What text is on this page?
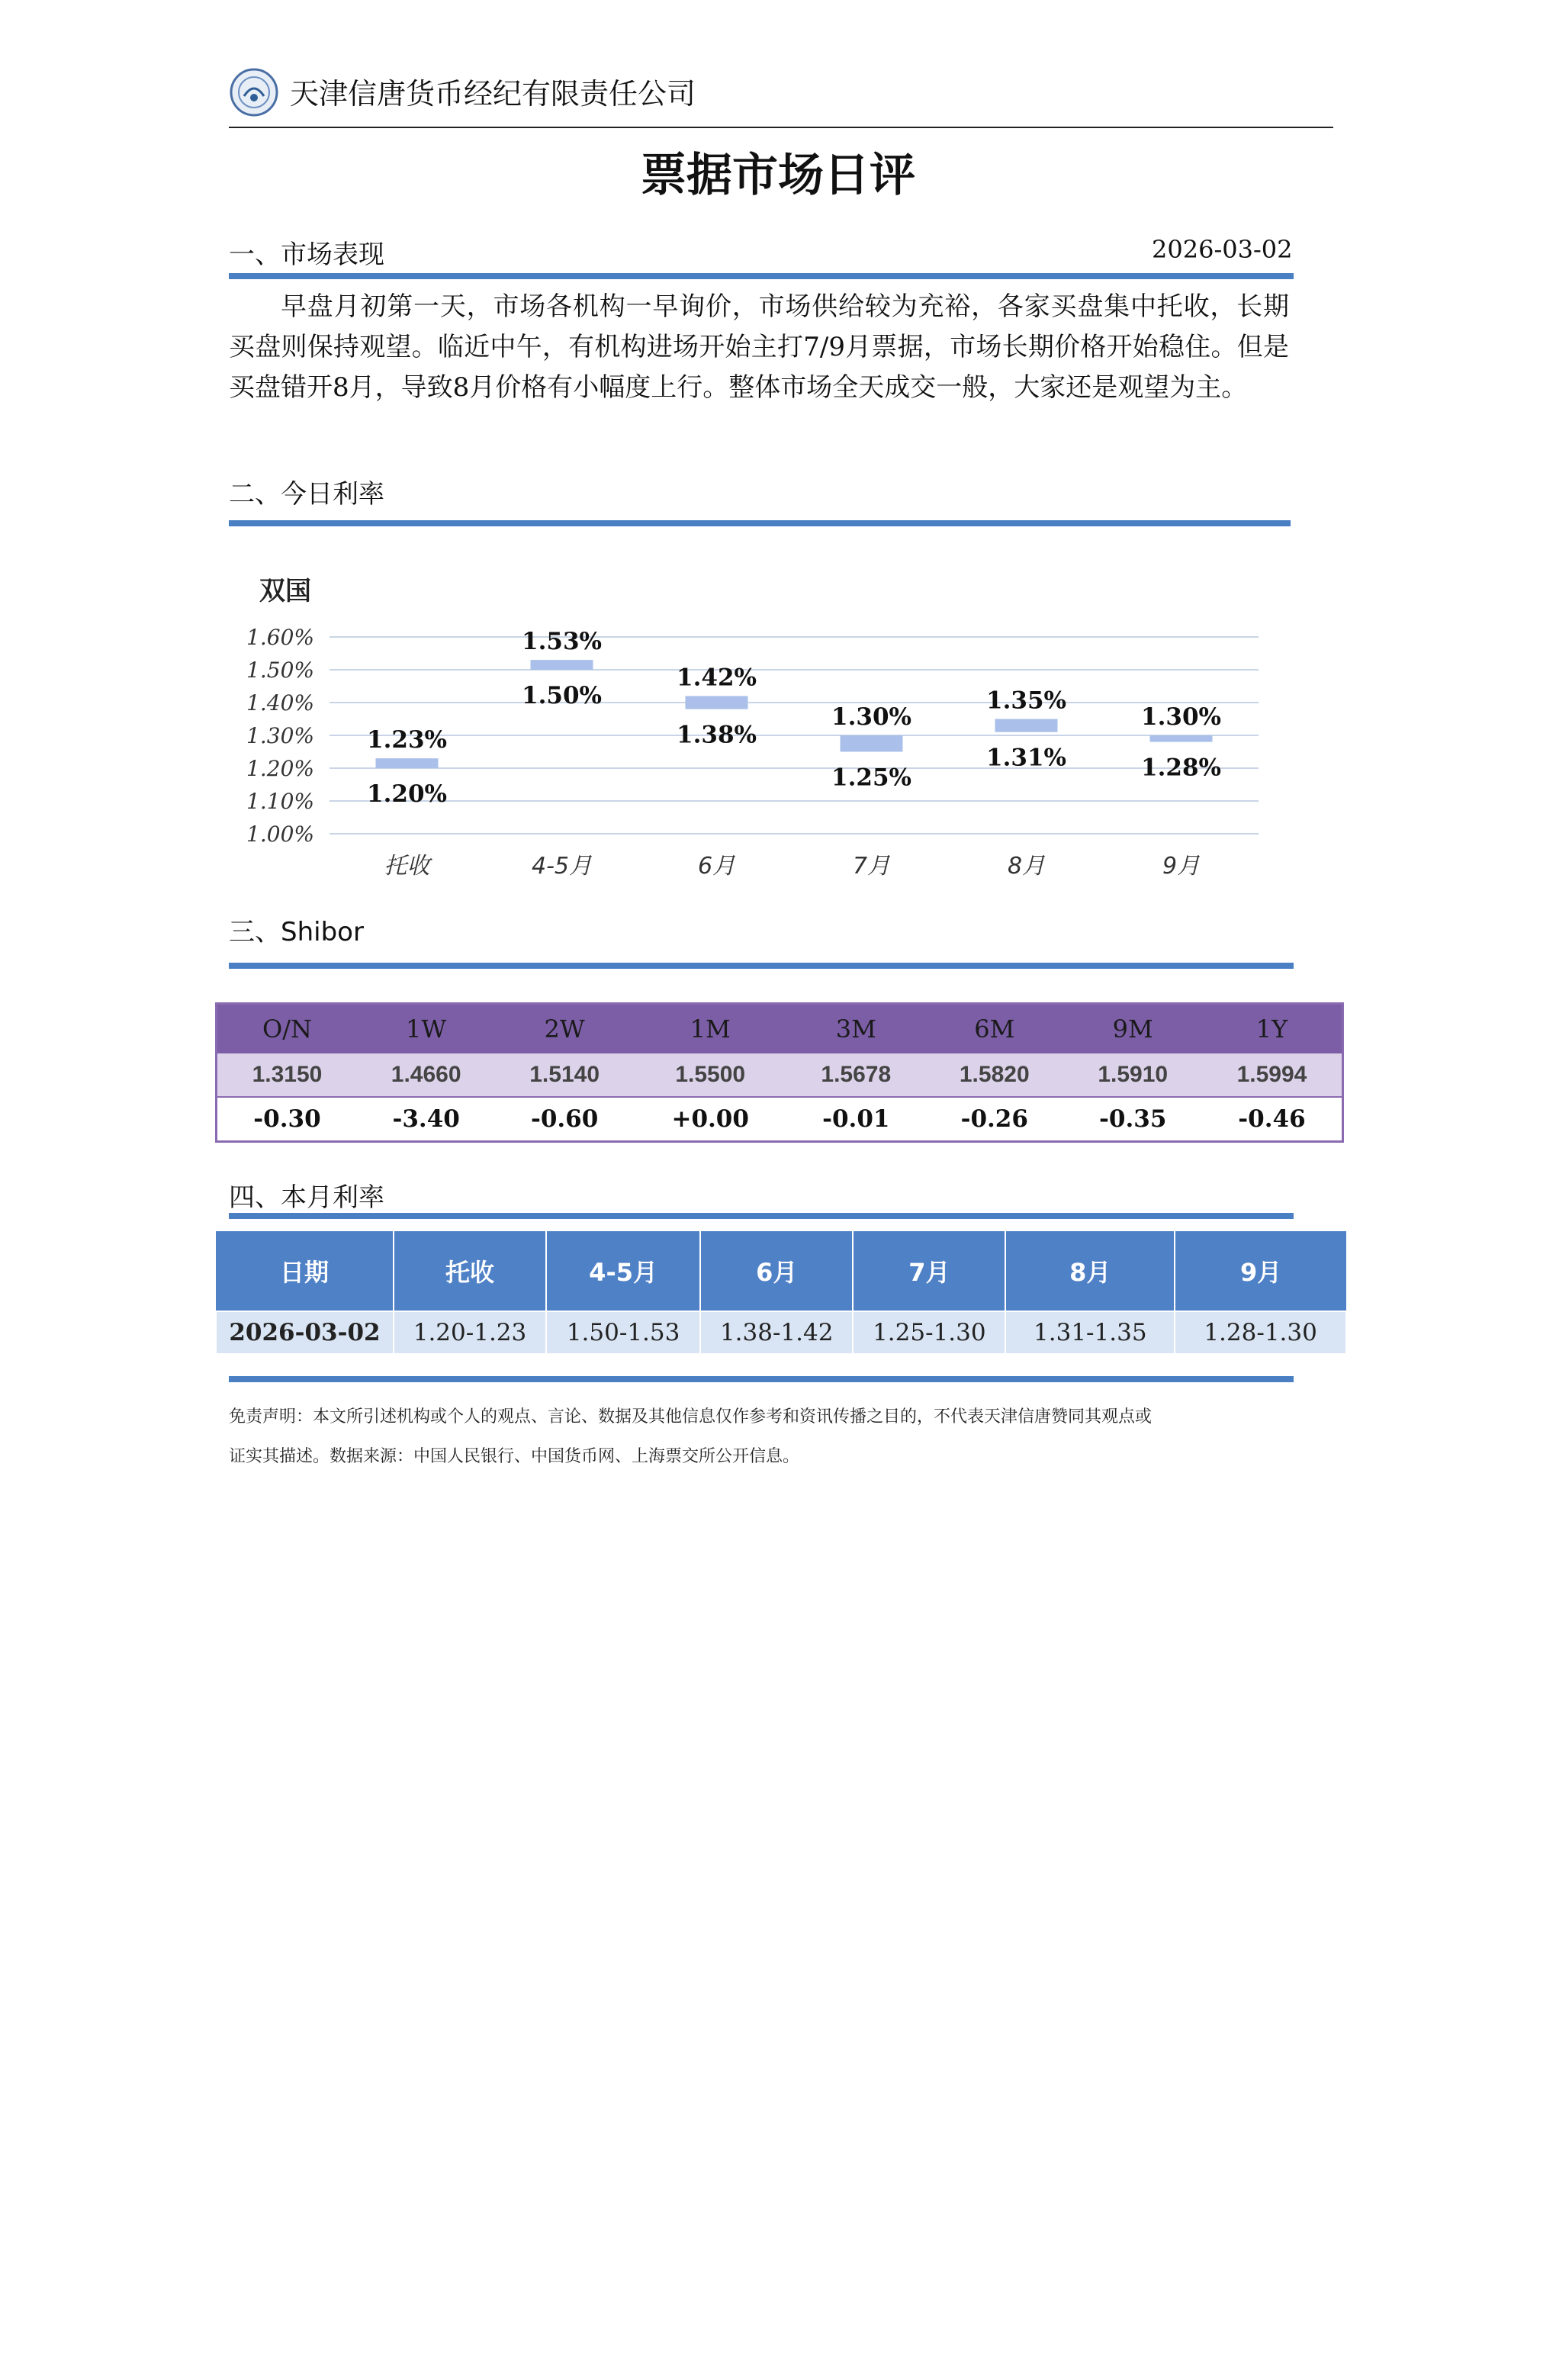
天津信唐货币经纪有限责任公司
票据市场日评
一、市场表现	2026-03-02
早盘月初第一天，市场各机构一早询价，市场供给较为充裕，各家买盘集中托收，长期买盘则保持观望。临近中午，有机构进场开始主打7/9月票据，市场长期价格开始稳住。但是买盘错开8月，导致8月价格有小幅度上行。整体市场全天成交一般，大家还是观望为主。
二、今日利率
双国
1.00%
1.10%
1.20%
1.30%
1.40%
1.50%
1.60%
1.23%
1.20%
1.53%
1.50%
1.42%
1.38%
1.30%
1.25%
1.35%
1.31%
1.30%
1.28%
托收	4-5月	6月	7月	8月	9月
三、Shibor
O/N	1W	2W	1M	3M	6M	9M	1Y
1.3150	1.4660	1.5140	1.5500	1.5678	1.5820	1.5910	1.5994
-0.30	-3.40	-0.60	+0.00	-0.01	-0.26	-0.35	-0.46
四、本月利率
日期	托收	4-5月	6月	7月	8月	9月
2026-03-02	1.20-1.23	1.50-1.53	1.38-1.42	1.25-1.30	1.31-1.35	1.28-1.30
免责声明：本文所引述机构或个人的观点、言论、数据及其他信息仅作参考和资讯传播之目的，不代表天津信唐赞同其观点或
证实其描述。数据来源：中国人民银行、中国货币网、上海票交所公开信息。
